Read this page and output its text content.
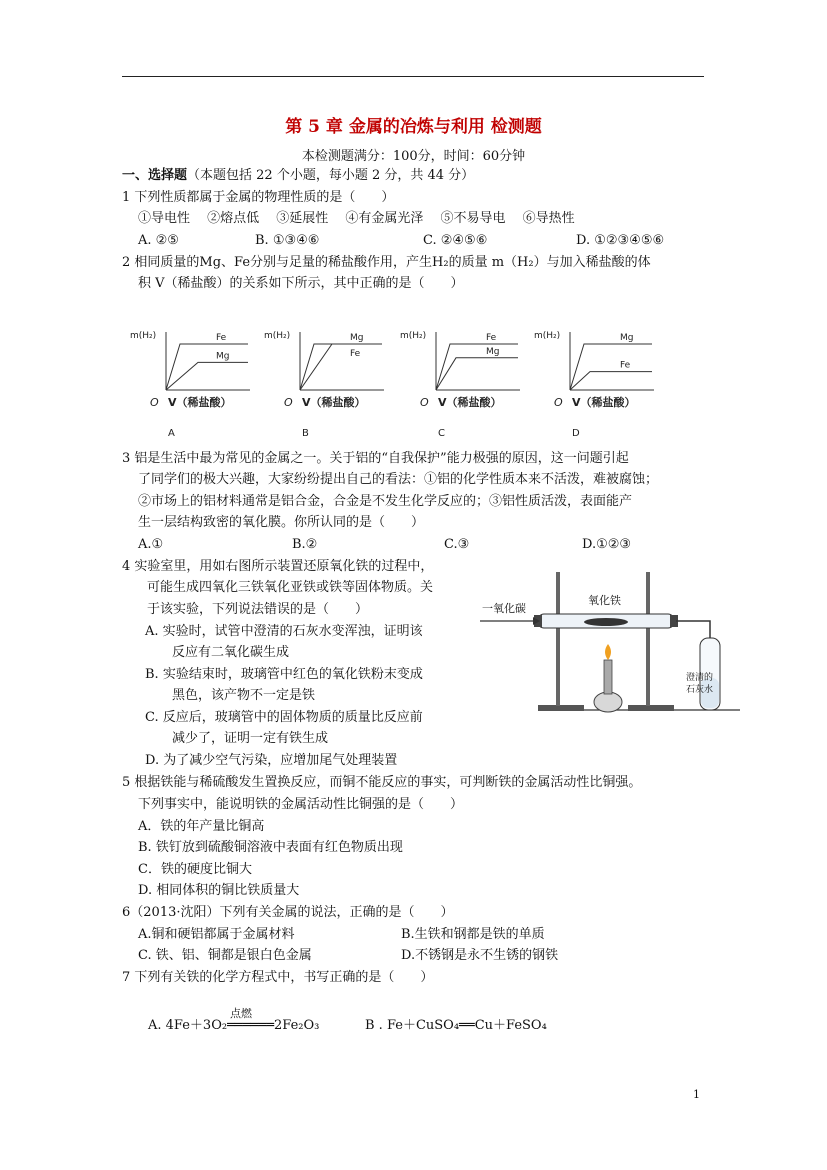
第 5 章 金属的冶炼与利用 检测题
本检测题满分：100分，时间：60分钟
一、选择题（本题包括 22 个小题，每小题 2 分，共 44 分）
1 下列性质都属于金属的物理性质的是（　　）
①导电性　 ②熔点低　 ③延展性　 ④有金属光泽　 ⑤不易导电　 ⑥导热性
A. ②⑤	B. ①③④⑥	C. ②④⑤⑥	D. ①②③④⑤⑥
2 相同质量的Mg、Fe分别与足量的稀盐酸作用，产生H₂的质量 m（H₂）与加入稀盐酸的体
积 V（稀盐酸）的关系如下所示，其中正确的是（　　）
m(H₂)
O V（稀盐酸）
A
Fe
Mg
m(H₂)
O V（稀盐酸）
B
Mg
Fe
m(H₂)
O V（稀盐酸）
C
Fe
Mg
m(H₂)
O V（稀盐酸）
D
Mg
Fe
3 铝是生活中最为常见的金属之一。关于铝的“自我保护”能力极强的原因，这一问题引起
了同学们的极大兴趣，大家纷纷提出自己的看法：①铝的化学性质本来不活泼，难被腐蚀；
②市场上的铝材料通常是铝合金，合金是不发生化学反应的；③铝性质活泼，表面能产
生一层结构致密的氧化膜。你所认同的是（　　）
A.①	B.②	C.③	D.①②③
4 实验室里，用如右图所示装置还原氧化铁的过程中，
可能生成四氧化三铁氧化亚铁或铁等固体物质。关
于该实验，下列说法错误的是（　　）
A. 实验时，试管中澄清的石灰水变浑浊，证明该
反应有二氧化碳生成
B. 实验结束时，玻璃管中红色的氧化铁粉末变成
黑色，该产物不一定是铁
C. 反应后，玻璃管中的固体物质的质量比反应前
减少了，证明一定有铁生成
D. 为了减少空气污染，应增加尾气处理装置
一氧化碳
氧化铁
澄清的
石灰水
5 根据铁能与稀硫酸发生置换反应，而铜不能反应的事实，可判断铁的金属活动性比铜强。
下列事实中，能说明铁的金属活动性比铜强的是（　　）
A．铁的年产量比铜高
B. 铁钉放到硫酸铜溶液中表面有红色物质出现
C．铁的硬度比铜大
D. 相同体积的铜比铁质量大
6（2013·沈阳）下列有关金属的说法，正确的是（　　）
A.铜和硬铝都属于金属材料	B.生铁和钢都是铁的单质
C. 铁、铝、铜都是银白色金属	D.不锈钢是永不生锈的钢铁
7 下列有关铁的化学方程式中，书写正确的是（　　）
点燃
A. 4Fe＋3O₂══════2Fe₂O₃	B . Fe＋CuSO₄══Cu＋FeSO₄
1
